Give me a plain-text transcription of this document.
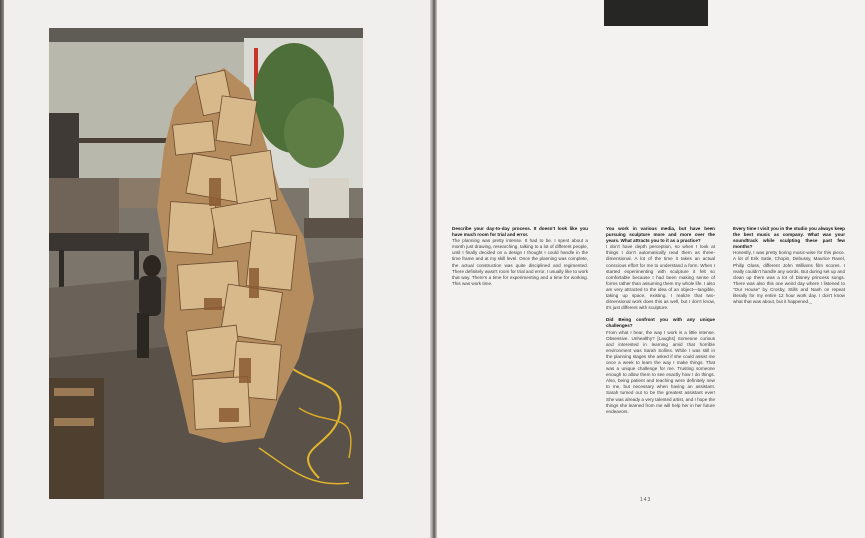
Describe your day-to-day process. It doesn't look like you have much room for trial and error.

The planning was pretty intense. It had to be. I spent about a month just drawing, researching, talking to a lot of different people, until I finally decided on a design I thought I could handle in the time frame and at my skill level. Once the planning was complete, the actual construction was quite disciplined and regimented. There definitely wasn't room for trial and error. I usually like to work that way. There's a time for experimenting and a time for working. This was work time.

You work in various media, but have been pursuing sculpture more and more over the years. What attracts you to it as a practice?

I don't have depth perception, so when I look at things I don't automatically read them as three-dimensional. A lot of the time it takes an actual conscious effort for me to understand a form. When I started experimenting with sculpture it felt so comfortable because I had been making sense of forms rather than assuming them my whole life. I also am very attracted to the idea of an object—tangible, taking up space, existing. I realize that two-dimensional work does this as well, but I don't know, it's just different with sculpture.

Did Being confront you with any unique challenges?

From what I hear, the way I work is a little intense. Obsessive. Unhealthy? [Laughs] Someone curious and interested in learning amid that horrible environment was Sarah Sollins. While I was still in the planning stages she asked if she could assist me once a week to learn the way I make things. That was a unique challenge for me. Trusting someone enough to allow them to see exactly how I do things. Also, being patient and teaching were definitely new to me, but necessary when having an assistant. Sarah turned out to be the greatest assistant ever! She was already a very talented artist, and I hope the things she learned from me will help her in her future endeavors.

Every time I visit you in the studio you always keep the best music as company. What was your soundtrack while sculpting these past few months?

Honestly, I was pretty boring music-wise for this piece. A lot of Erik Satie, Chopin, Debussy, Maurice Ravel, Philip Glass, different John Williams film scores. I really couldn't handle any words. But during set up and clean up there was a lot of Disney princess songs. There was also this one weird day where I listened to "Our House" by Crosby, Stills and Nash on repeat literally for my entire 12 hour work day. I don't know what that was about, but it happened._

143
